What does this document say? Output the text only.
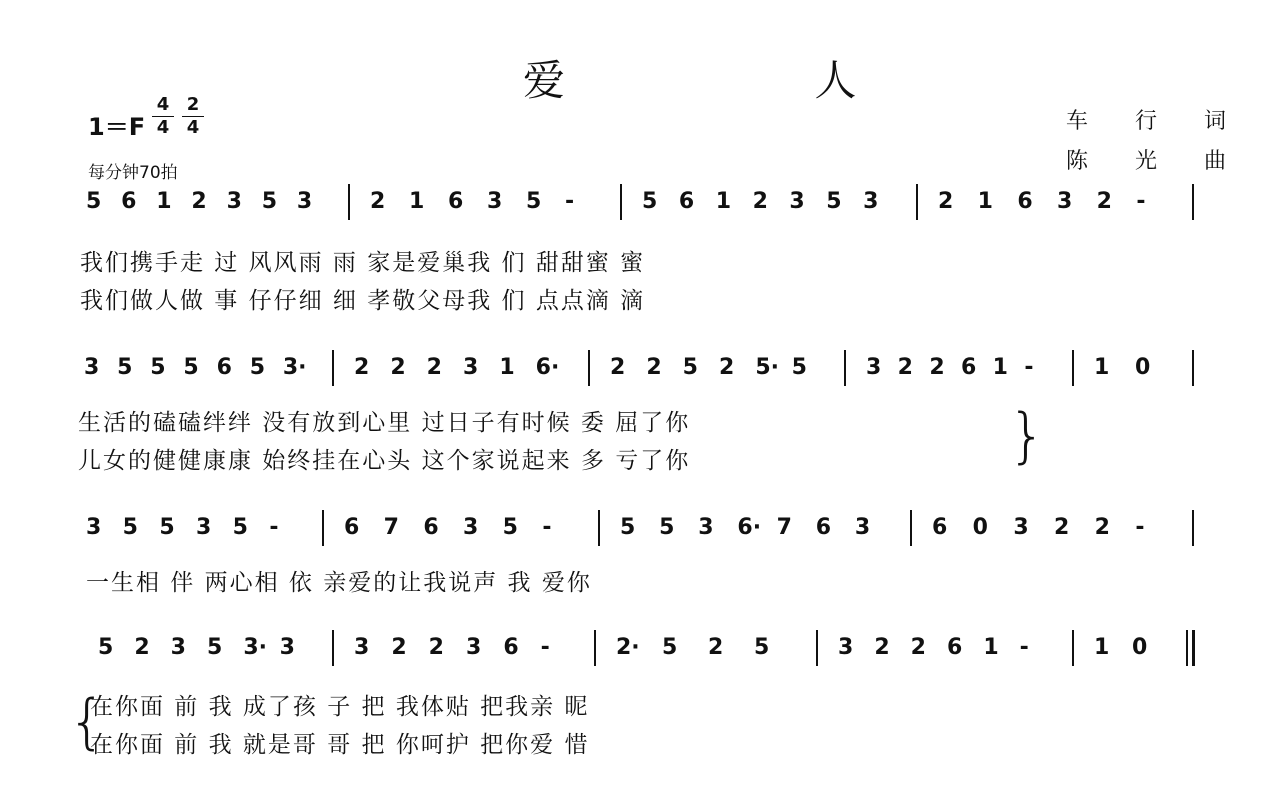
爱 人
1＝F
4
4
2
4
每分钟70拍
车 行 词
陈 光 曲
5 6 1 2 3 5 3	2 1 6 3 5 -	5 6 1 2 3 5 3	2 1 6 3 2 -
我们携手走 过 风风雨 雨 家是爱巢我 们 甜甜蜜 蜜
我们做人做 事 仔仔细 细 孝敬父母我 们 点点滴 滴
3 5 5 5 6 5 3· 2 2 2 3 1 6· 2 2 5 2 5· 5	3 2 2 6 1 -	1 0
生活的磕磕绊绊 没有放到心里 过日子有时候 委 屈了你
儿女的健健康康 始终挂在心头 这个家说起来 多 亏了你	}
3 5 5 3 5 -	6 7 6 3 5 -	5 5 3 6· 7 6 3	6 0 3 2 2 -
一生相 伴 两心相 依 亲爱的让我说声 我 爱你
5 2 3 5 3· 3	3 2 2 3 6 -	2· 5 2 5	3 2 2 6 1 -	1 0
{
在你面 前 我 成了孩 子 把 我体贴 把我亲 昵
在你面 前 我 就是哥 哥 把 你呵护 把你爱 惜
